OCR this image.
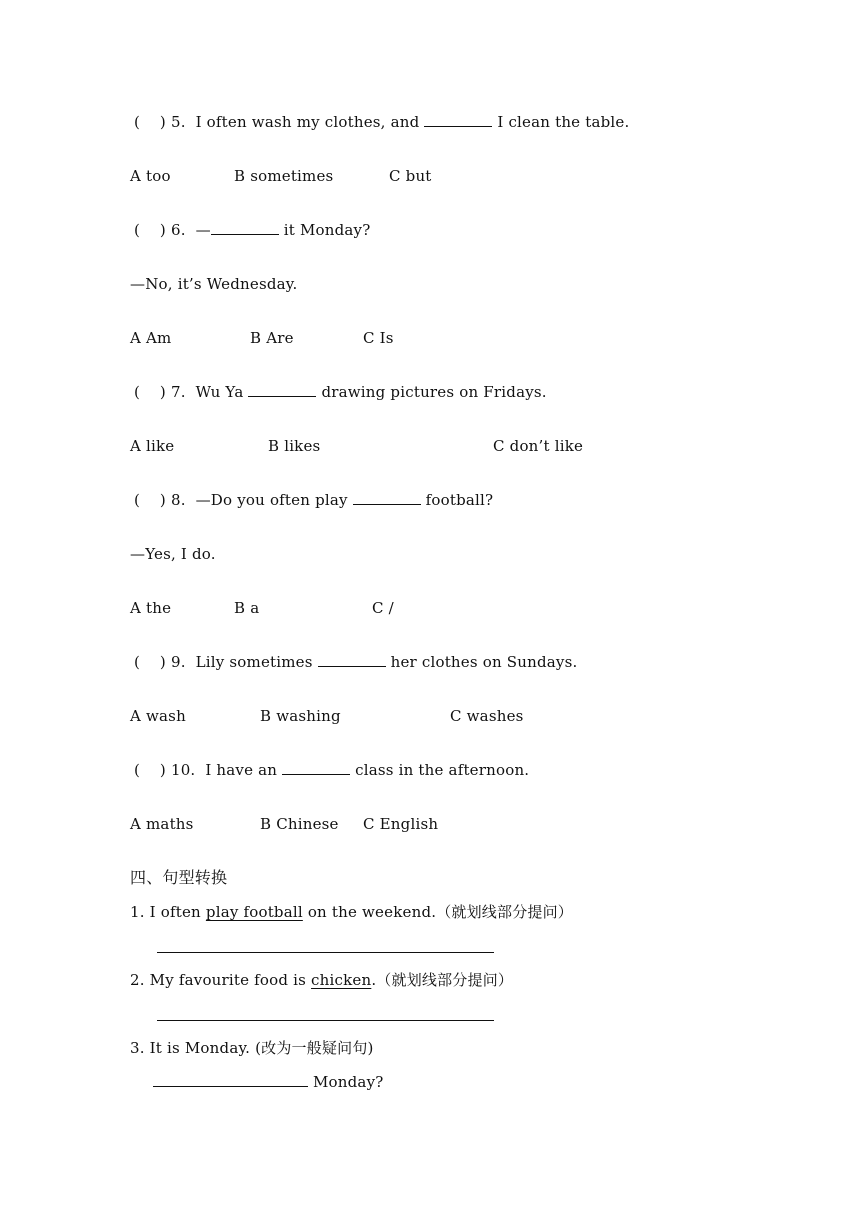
(    ) 5.  I often wash my clothes, and	I clean the table.
A too	B sometimes	C but
(    ) 6.  —	it Monday?
—No, it’s Wednesday.
A Am	B Are	C Is
(    ) 7.  Wu Ya	drawing pictures on Fridays.
A like	B likes	C don’t like
(    ) 8.  —Do you often play	football?
—Yes, I do.
A the	B a	C /
(    ) 9.  Lily sometimes	her clothes on Sundays.
A wash	B washing	C washes
(    ) 10.  I have an	class in the afternoon.
A maths	B Chinese C English
四、句型转换
1. I often play football on the weekend.（就划线部分提问）
2. My favourite food is chicken.（就划线部分提问）
3. It is Monday. (改为一般疑问句)
Monday?
